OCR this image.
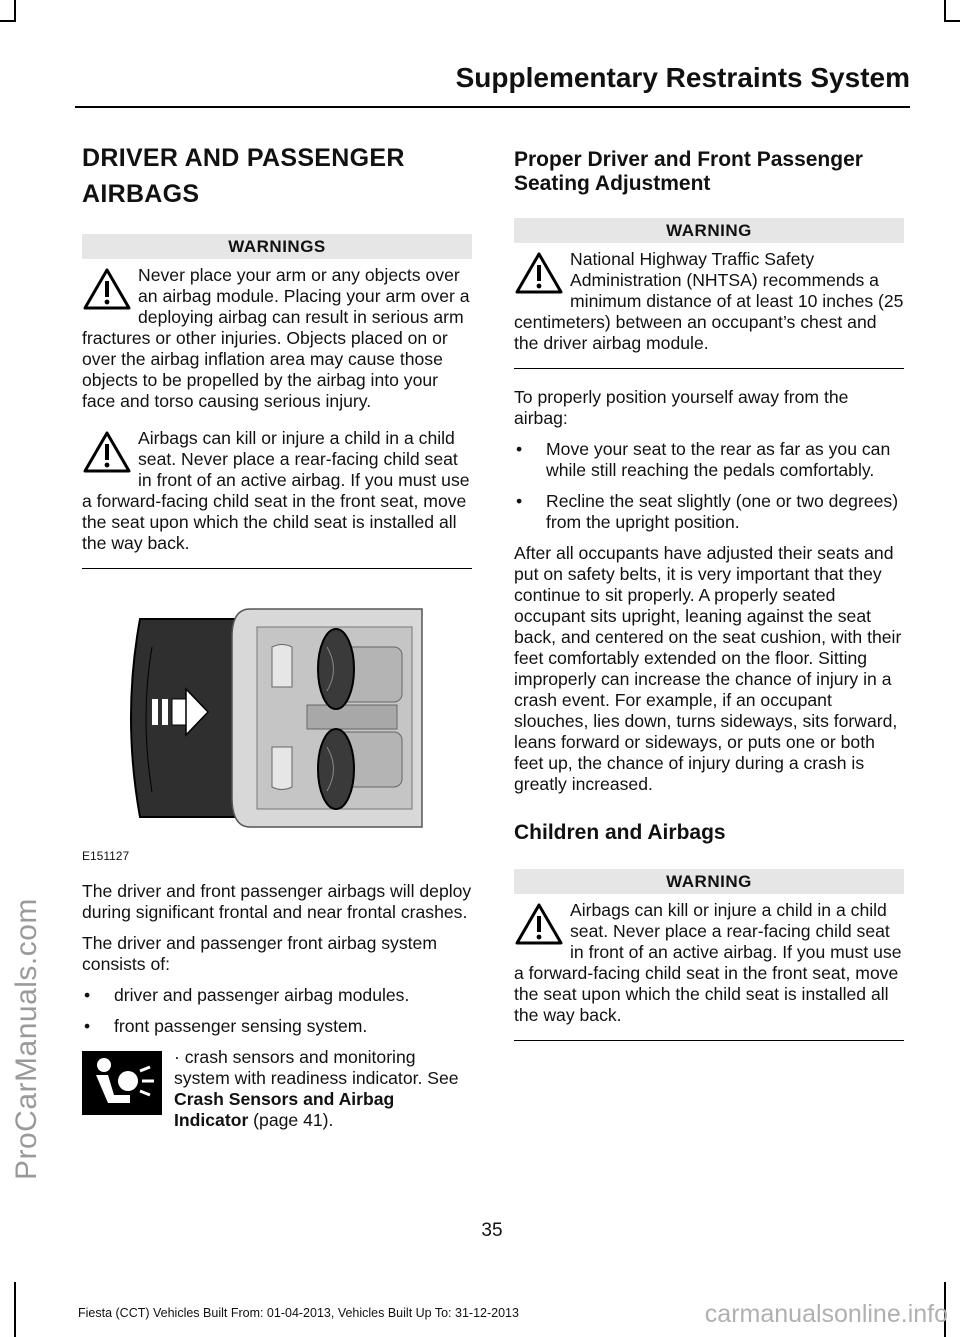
ProCarManuals.com
Supplementary Restraints System
DRIVER AND PASSENGER AIRBAGS
WARNINGS

Never place your arm or any objects over an airbag module. Placing your arm over a deploying airbag can result in serious arm fractures or other injuries. Objects placed on or over the airbag inflation area may cause those objects to be propelled by the airbag into your face and torso causing serious injury.

Airbags can kill or injure a child in a child seat. Never place a rear-facing child seat in front of an active airbag. If you must use a forward-facing child seat in the front seat, move the seat upon which the child seat is installed all the way back.

E151127

The driver and front passenger airbags will deploy during significant frontal and near frontal crashes.

The driver and passenger front airbag system consists of:

• driver and passenger airbag modules.
• front passenger sensing system.

· crash sensors and monitoring system with readiness indicator. See Crash Sensors and Airbag Indicator (page 41).

Proper Driver and Front Passenger Seating Adjustment
WARNING

National Highway Traffic Safety Administration (NHTSA) recommends a minimum distance of at least 10 inches (25 centimeters) between an occupant’s chest and the driver airbag module.

To properly position yourself away from the airbag:

• Move your seat to the rear as far as you can while still reaching the pedals comfortably.
• Recline the seat slightly (one or two degrees) from the upright position.

After all occupants have adjusted their seats and put on safety belts, it is very important that they continue to sit properly. A properly seated occupant sits upright, leaning against the seat back, and centered on the seat cushion, with their feet comfortably extended on the floor. Sitting improperly can increase the chance of injury in a crash event. For example, if an occupant slouches, lies down, turns sideways, sits forward, leans forward or sideways, or puts one or both feet up, the chance of injury during a crash is greatly increased.

Children and Airbags
WARNING

Airbags can kill or injure a child in a child seat. Never place a rear-facing child seat in front of an active airbag. If you must use a forward-facing child seat in the front seat, move the seat upon which the child seat is installed all the way back.

35
Fiesta (CCT) Vehicles Built From: 01-04-2013, Vehicles Built Up To: 31-12-2013	carmanualsonline.info
